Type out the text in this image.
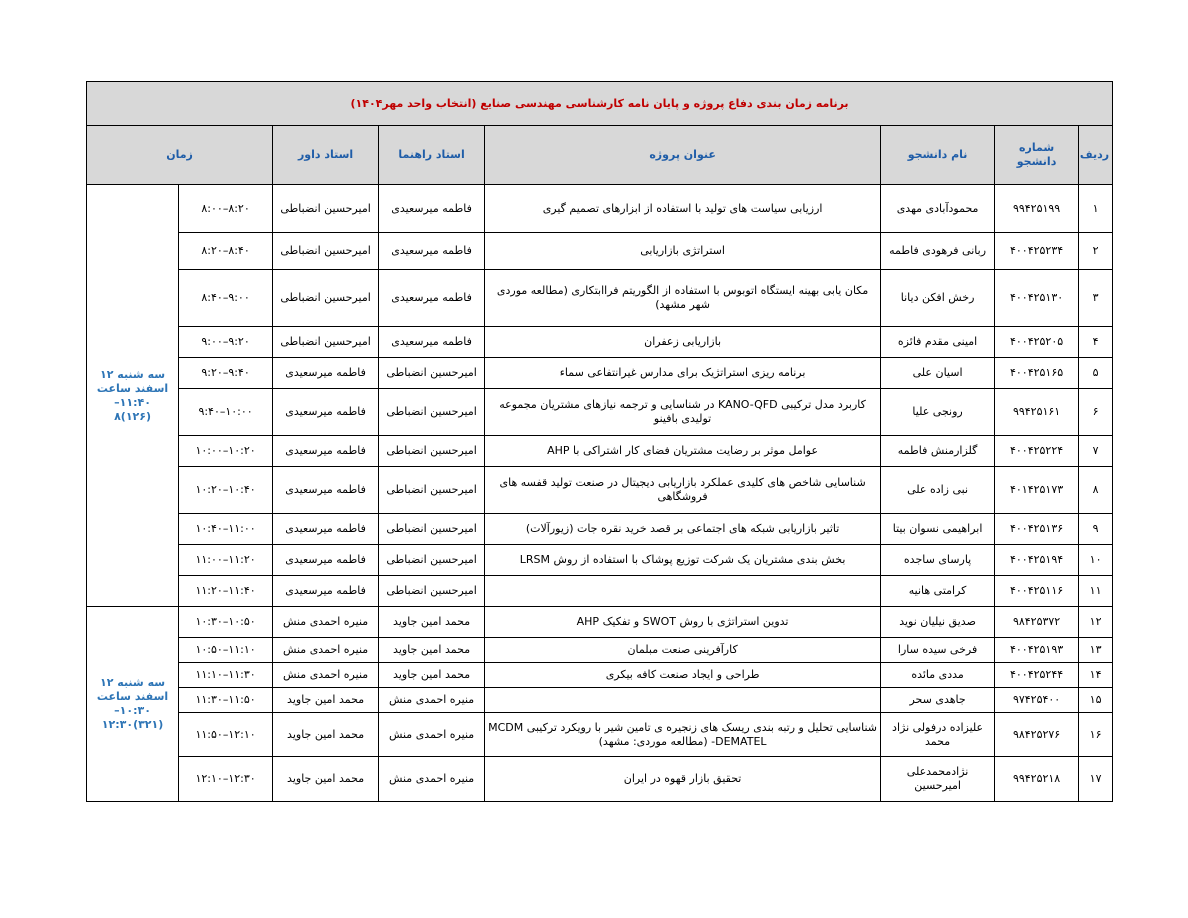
برنامه زمان بندی دفاع پروژه و پایان نامه کارشناسی مهندسی صنایع (انتخاب واحد مهر۱۴۰۴)							
ردیف	شماره دانشجو	نام دانشجو	عنوان پروژه	استاد راهنما	استاد داور	زمان	
۱	۹۹۴۲۵۱۹۹	محمودآبادی مهدی	ارزیابی سیاست های تولید با استفاده از ابزارهای تصمیم گیری	فاطمه میرسعیدی	امیرحسین انضباطی	۸:۰۰–۸:۲۰	سه شنبه ۱۲
اسفند ساعت
۱۱:۴۰–
(۱۲۶)۸

۲	۴۰۰۴۲۵۲۳۴	ربانی فرهودی فاطمه	استراتژی بازاریابی	فاطمه میرسعیدی	امیرحسین انضباطی	۸:۲۰–۸:۴۰	
۳	۴۰۰۴۲۵۱۳۰	رخش افکن دیانا	مکان یابی بهینه ایستگاه اتوبوس با استفاده از الگوریتم فراابتکاری (مطالعه موردی شهر مشهد)	فاطمه میرسعیدی	امیرحسین انضباطی	۸:۴۰–۹:۰۰	
۴	۴۰۰۴۲۵۲۰۵	امینی مقدم فائزه	بازاریابی زعفران	فاطمه میرسعیدی	امیرحسین انضباطی	۹:۰۰–۹:۲۰	
۵	۴۰۰۴۲۵۱۶۵	اسیان علی	برنامه ریزی استراتژیک برای مدارس غیرانتفاعی سماء	امیرحسین انضباطی	فاطمه میرسعیدی	۹:۲۰–۹:۴۰	
۶	۹۹۴۲۵۱۶۱	رونجی علیا	کاربرد مدل ترکیبی KANO-QFD در شناسایی و ترجمه نیازهای مشتریان مجموعه تولیدی بافینو	امیرحسین انضباطی	فاطمه میرسعیدی	۹:۴۰–۱۰:۰۰	
۷	۴۰۰۴۲۵۲۲۴	گلزارمنش فاطمه	عوامل موثر بر رضایت مشتریان فضای کار اشتراکی با AHP	امیرحسین انضباطی	فاطمه میرسعیدی	۱۰:۰۰–۱۰:۲۰	
۸	۴۰۱۴۲۵۱۷۳	نبی زاده علی	شناسایی شاخص های کلیدی عملکرد بازاریابی دیجیتال در صنعت تولید قفسه های فروشگاهی	امیرحسین انضباطی	فاطمه میرسعیدی	۱۰:۲۰–۱۰:۴۰	
۹	۴۰۰۴۲۵۱۳۶	ابراهیمی نسوان بیتا	تاثیر بازاریابی شبکه های اجتماعی بر قصد خرید نقره جات (زیورآلات)	امیرحسین انضباطی	فاطمه میرسعیدی	۱۰:۴۰–۱۱:۰۰	
۱۰	۴۰۰۴۲۵۱۹۴	پارسای ساجده	بخش بندی مشتریان یک شرکت توزیع پوشاک با استفاده از روش LRSM	امیرحسین انضباطی	فاطمه میرسعیدی	۱۱:۰۰–۱۱:۲۰	
۱۱	۴۰۰۴۲۵۱۱۶	کرامتی هانیه		امیرحسین انضباطی	فاطمه میرسعیدی	۱۱:۲۰–۱۱:۴۰	
۱۲	۹۸۴۲۵۳۷۲	صدیق نیلیان نوید	تدوین استراتژی با روش SWOT و تفکیک AHP	محمد امین جاوید	منیره احمدی منش	۱۰:۳۰–۱۰:۵۰	سه شنبه ۱۲
اسفند ساعت
۱۰:۳۰–
(۳۲۱)۱۲:۳۰

۱۳	۴۰۰۴۲۵۱۹۳	فرخی سیده سارا	کارآفرینی صنعت مبلمان	محمد امین جاوید	منیره احمدی منش	۱۰:۵۰–۱۱:۱۰	
۱۴	۴۰۰۴۲۵۲۴۴	مددی مائده	طراحی و ایجاد صنعت کافه بیکری	محمد امین جاوید	منیره احمدی منش	۱۱:۱۰–۱۱:۳۰	
۱۵	۹۷۴۲۵۴۰۰	جاهدی سحر		منیره احمدی منش	محمد امین جاوید	۱۱:۳۰–۱۱:۵۰	
۱۶	۹۸۴۲۵۲۷۶	علیزاده درفولی نژاد محمد	شناسایی تحلیل و رتبه بندی ریسک های زنجیره ی تامین شیر با رویکرد ترکیبی MCDM -DEMATEL (مطالعه موردی: مشهد)	منیره احمدی منش	محمد امین جاوید	۱۱:۵۰–۱۲:۱۰	
۱۷	۹۹۴۲۵۲۱۸	نژادمحمدعلی امیرحسین	تحقیق بازار قهوه در ایران	منیره احمدی منش	محمد امین جاوید	۱۲:۱۰–۱۲:۳۰	
